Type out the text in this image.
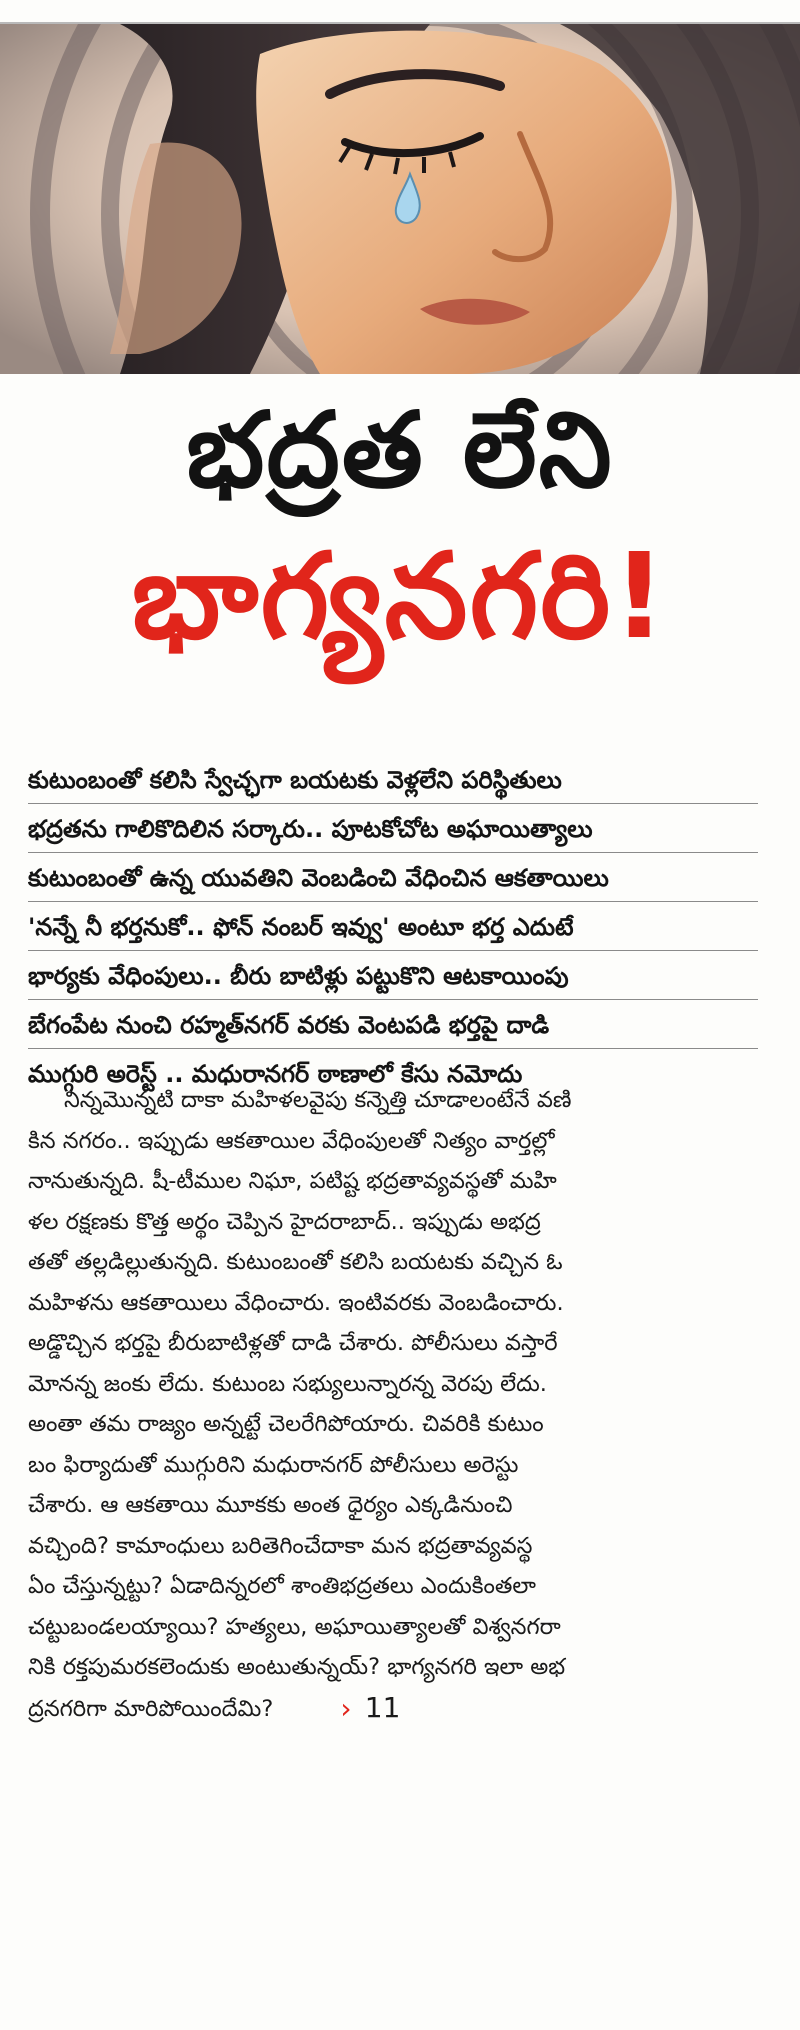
భద్రత లేని
భాగ్యనగరి!
కుటుంబంతో కలిసి స్వేచ్ఛగా బయటకు వెళ్లలేని పరిస్థితులు
భద్రతను గాలికొదిలిన సర్కారు.. పూటకోచోట అఘాయిత్యాలు
కుటుంబంతో ఉన్న యువతిని వెంబడించి వేధించిన ఆకతాయిలు
'నన్నే నీ భర్తనుకో.. ఫోన్ నంబర్ ఇవ్వు' అంటూ భర్త ఎదుటే
భార్యకు వేధింపులు.. బీరు బాటిళ్లు పట్టుకొని ఆటకాయింపు
బేగంపేట నుంచి రహ్మత్‌నగర్ వరకు వెంటపడి భర్తపై దాడి
ముగ్గురి అరెస్ట్ .. మధురానగర్ ఠాణాలో కేసు నమోదు
నిన్నమొన్నటి దాకా మహిళలవైపు కన్నెత్తి చూడాలంటేనే వణి
కిన నగరం.. ఇప్పుడు ఆకతాయిల వేధింపులతో నిత్యం వార్తల్లో
నానుతున్నది. షీ-టీముల నిఘా, పటిష్ట భద్రతావ్యవస్థతో మహి
ళల రక్షణకు కొత్త అర్థం చెప్పిన హైదరాబాద్.. ఇప్పుడు అభద్ర
తతో తల్లడిల్లుతున్నది. కుటుంబంతో కలిసి బయటకు వచ్చిన ఓ
మహిళను ఆకతాయిలు వేధించారు. ఇంటివరకు వెంబడించారు.
అడ్డొచ్చిన భర్తపై బీరుబాటిళ్లతో దాడి చేశారు. పోలీసులు వస్తారే
మోనన్న జంకు లేదు. కుటుంబ సభ్యులున్నారన్న వెరపు లేదు.
అంతా తమ రాజ్యం అన్నట్టే చెలరేగిపోయారు. చివరికి కుటుం
బం ఫిర్యాదుతో ముగ్గురిని మధురానగర్ పోలీసులు అరెస్టు
చేశారు. ఆ ఆకతాయి మూకకు అంత ధైర్యం ఎక్కడినుంచి
వచ్చింది? కామాంధులు బరితెగించేదాకా మన భద్రతావ్యవస్థ
ఏం చేస్తున్నట్టు? ఏడాదిన్నరలో శాంతిభద్రతలు ఎందుకింతలా
చట్టుబండలయ్యాయి? హత్యలు, అఘాయిత్యాలతో విశ్వనగరా
నికి రక్తపుమరకలెందుకు అంటుతున్నయ్? భాగ్యనగరి ఇలా అభ
ద్రనగరిగా మారిపోయిందేమి? › 11
